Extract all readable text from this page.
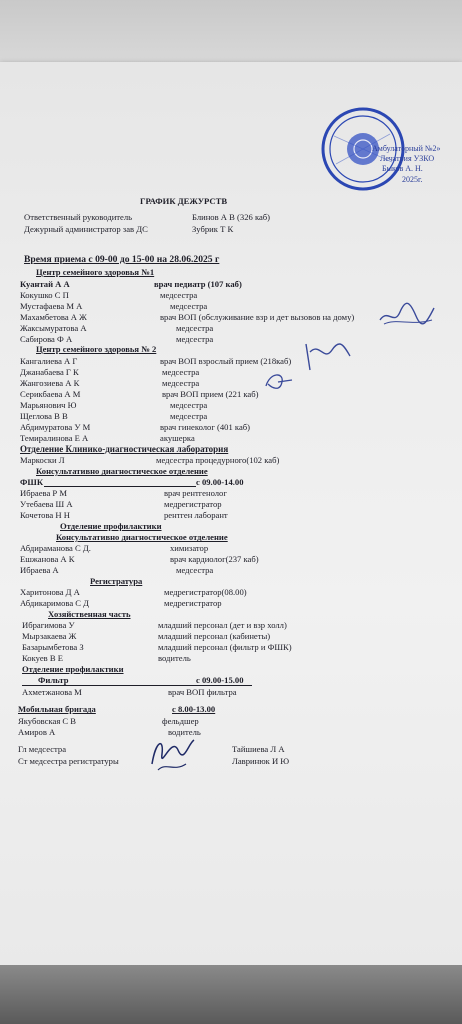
Амбулаторный №2»
Лечатрия УЗКО
Быков А. Н.
2025г.
ГРАФИК ДЕЖУРСТВ
Ответственный руководитель	Блинов А В (326 каб)
Дежурный администратор зав ДС	Зубрик Т К
Время приема с 09-00 до 15-00 на 28.06.2025 г
Центр семейного здоровья №1
Куантай А А	врач педиатр (107 каб)
Кокушко С П	медсестра
Мустафаева М А	медсестра
Махамбетова А Ж	врач ВОП (обслуживание взр и дет вызовов на дому)
Жаксымуратова А	медсестра
Сабирова Ф А	медсестра
Центр семейного здоровья № 2
Кангалиева А Г	врач ВОП взрослый прием (218каб)
Джанабаева Г К	медсестра
Жангозиева А К	медсестра
Серикбаева А М	врач ВОП прием (221 каб)
Марьянович Ю	медсестра
Щеглова В В	медсестра
Абдимуратова У М	врач гинеколог (401 каб)
Темиралинова Е А	акушерка
Отделение Клинико-диагностическая лаборатория
Маркоски Л	медсестра процедурного(102 каб)
Консультативно диагностическое отделение
ФШК	с 09.00-14.00
Ибраева Р М	врач рентгенолог
Утебаева Ш А	медрегистратор
Кочетова Н Н	рентген лаборант
Отделение профилактики
Консультативно диагностическое отделение
Абдираманова С Д.	химизатор
Ешжанова А К	врач кардиолог(237 каб)
Ибраева А	медсестра
Регистратура
Харитонова Д А	медрегистратор(08.00)
Абдикаримова С Д	медрегистратор
Хозяйственная часть
Ибрагимова У	младший персонал (дет и взр холл)
Мырзакаева Ж	младший персонал (кабинеты)
Базарымбетова З	младший персонал (фильтр и ФШК)
Кокуев В Е	водитель
Отделение профилактики
Фильтр	с 09.00-15.00
Ахметжанова М	врач ВОП фильтра
Мобильная бригада	с 8.00-13.00
Якубовская С В	фельдшер
Амиров А	водитель
Гл медсестра	Тайшиева Л А
Ст медсестра регистратуры	Лавринюк И Ю
